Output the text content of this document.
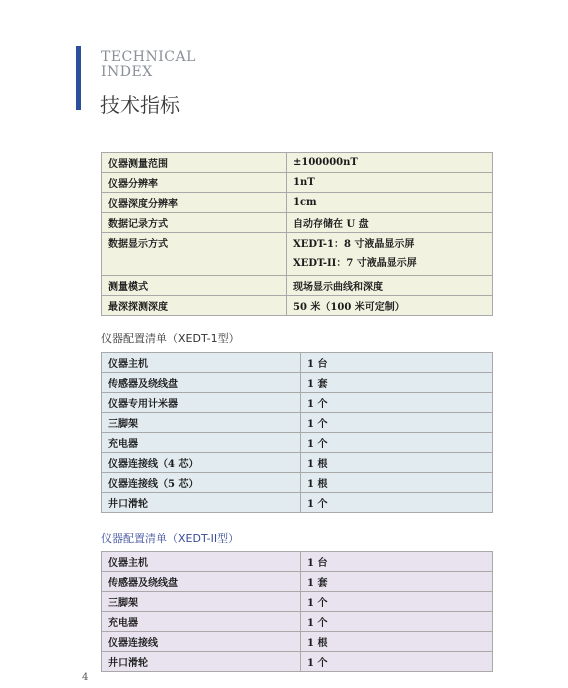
TECHNICAL
INDEX
技术指标
仪器测量范围	±100000nT
仪器分辨率	1nT
仪器深度分辨率	1cm
数据记录方式	自动存储在 U 盘
数据显示方式	XEDT-1：8 寸液晶显示屏
XEDT-II：7 寸液晶显示屏

测量模式	现场显示曲线和深度
最深探测深度	50 米（100 米可定制）
仪器配置清单（XEDT-1型）
仪器主机	1 台
传感器及绕线盘	1 套
仪器专用计米器	1 个
三脚架	1 个
充电器	1 个
仪器连接线（4 芯）	1 根
仪器连接线（5 芯）	1 根
井口滑轮	1 个
仪器配置清单（XEDT-II型）
仪器主机	1 台
传感器及绕线盘	1 套
三脚架	1 个
充电器	1 个
仪器连接线	1 根
井口滑轮	1 个
4
